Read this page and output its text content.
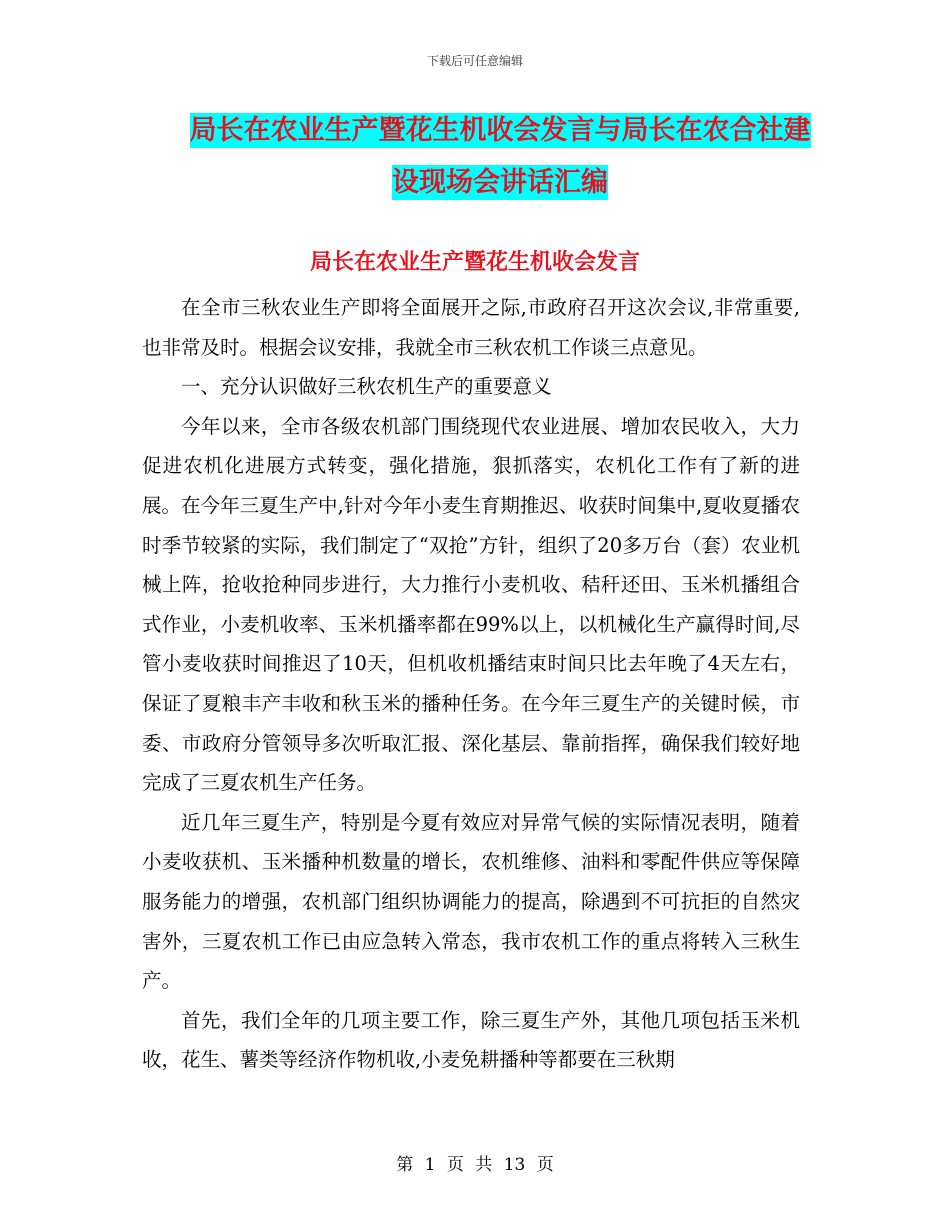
下载后可任意编辑
局长在农业生产暨花生机收会发言与局长在农合社建
设现场会讲话汇编
局长在农业生产暨花生机收会发言

在全市三秋农业生产即将全面展开之际,市政府召开这次会议,非常重要,也非常及时。根据会议安排，我就全市三秋农机工作谈三点意见。

一、充分认识做好三秋农机生产的重要意义

今年以来，全市各级农机部门围绕现代农业进展、增加农民收入，大力促进农机化进展方式转变，强化措施，狠抓落实，农机化工作有了新的进展。在今年三夏生产中,针对今年小麦生育期推迟、收获时间集中,夏收夏播农时季节较紧的实际，我们制定了“双抢”方针，组织了20多万台（套）农业机械上阵，抢收抢种同步进行，大力推行小麦机收、秸秆还田、玉米机播组合式作业，小麦机收率、玉米机播率都在99%以上，以机械化生产赢得时间,尽管小麦收获时间推迟了10天，但机收机播结束时间只比去年晚了4天左右，保证了夏粮丰产丰收和秋玉米的播种任务。在今年三夏生产的关键时候，市委、市政府分管领导多次听取汇报、深化基层、靠前指挥，确保我们较好地完成了三夏农机生产任务。

近几年三夏生产，特别是今夏有效应对异常气候的实际情况表明，随着小麦收获机、玉米播种机数量的增长，农机维修、油料和零配件供应等保障服务能力的增强，农机部门组织协调能力的提高，除遇到不可抗拒的自然灾害外，三夏农机工作已由应急转入常态，我市农机工作的重点将转入三秋生产。

首先，我们全年的几项主要工作，除三夏生产外，其他几项包括玉米机收，花生、薯类等经济作物机收,小麦免耕播种等都要在三秋期

第 1 页 共 13 页
